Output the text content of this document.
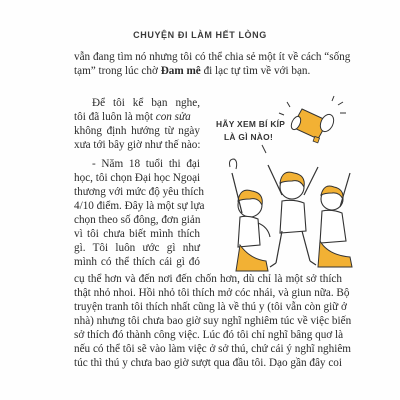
CHUYỆN ĐI LÀM HẾT LÒNG
vẫn đang tìm nó nhưng tôi có thể chia sẻ một ít về cách “sống
tạm” trong lúc chờ Đam mê đi lạc tự tìm về với bạn.
Để tôi kể bạn nghe,
tôi đã luôn là một con sửa
không định hướng từ ngày
xưa tới bây giờ như thế nào:
- Năm 18 tuổi thi đại
học, tôi chọn Đại học Ngoại
thương với mức độ yêu thích
4/10 điểm. Đây là một sự lựa
chọn theo số đông, đơn giản
vì tôi chưa biết mình thích
gì. Tôi luôn ước gì như
mình có thể thích cái gì đó
cụ thể hơn và đến nơi đến chốn hơn, dù chỉ là một sở thích
thật nhỏ nhoi. Hồi nhỏ tôi thích mở cóc nhái, và giun nữa. Bộ
truyện tranh tôi thích nhất cũng là về thú y (tôi vẫn còn giữ ở
nhà) nhưng tôi chưa bao giờ suy nghĩ nghiêm túc về việc biến
sở thích đó thành công việc. Lúc đó tôi chỉ nghĩ bâng quơ là
nếu có thể tôi sẽ vào làm việc ở sở thú, chứ cái ý nghĩ nghiêm
túc thì thú y chưa bao giờ sượt qua đầu tôi. Dạo gần đây coi
HÃY XEM BÍ KÍP
LÀ GÌ NÀO!
